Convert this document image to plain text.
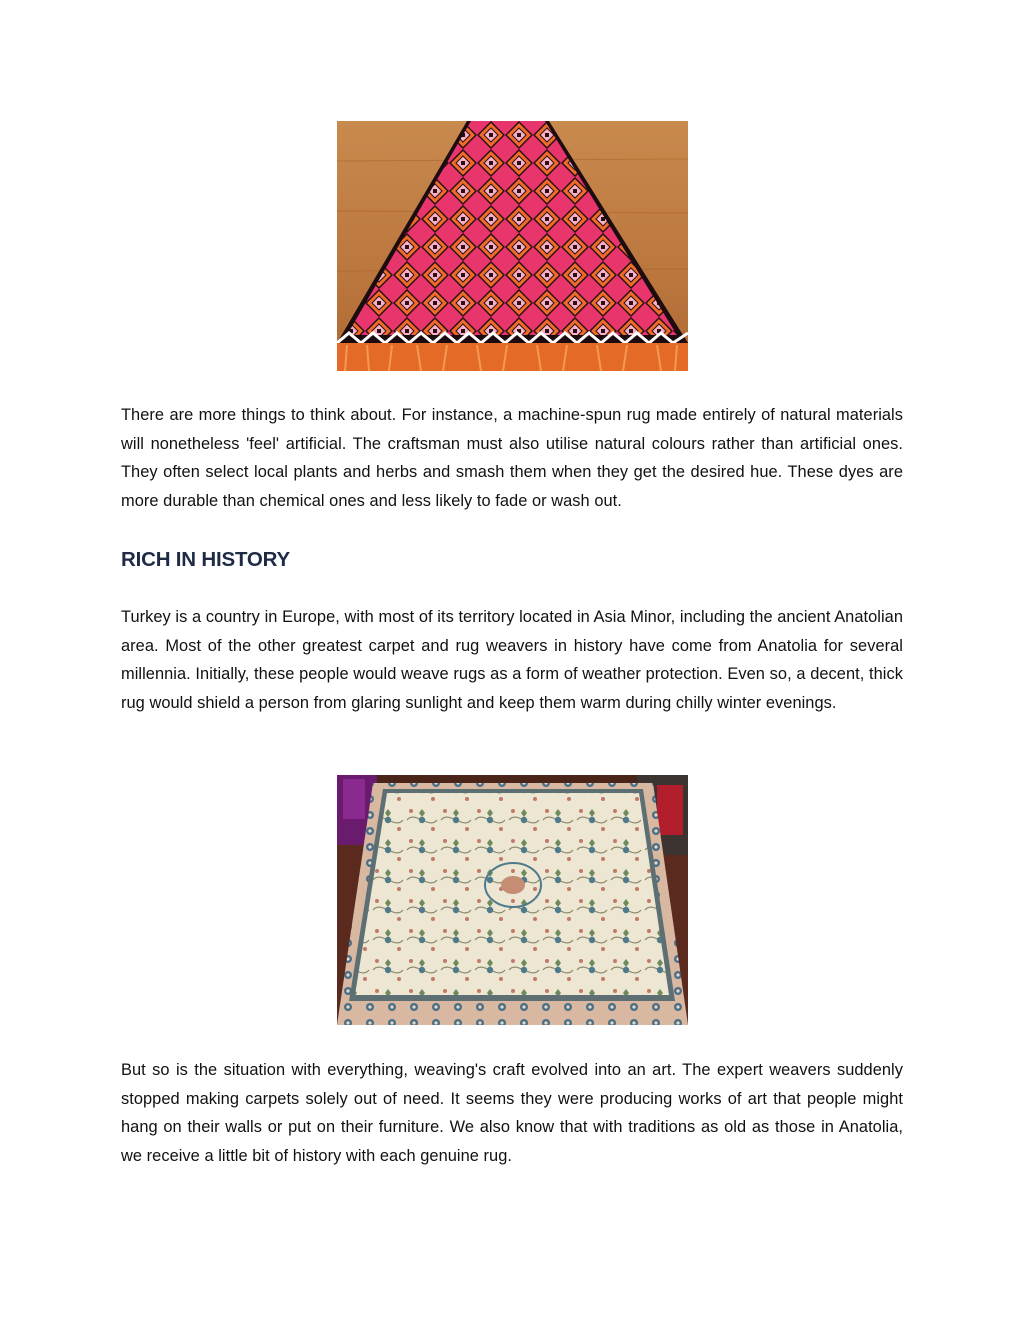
There are more things to think about. For instance, a machine-spun rug made entirely of natural materials will nonetheless 'feel' artificial. The craftsman must also utilise natural colours rather than artificial ones. They often select local plants and herbs and smash them when they get the desired hue. These dyes are more durable than chemical ones and less likely to fade or wash out.

RICH IN HISTORY

Turkey is a country in Europe, with most of its territory located in Asia Minor, including the ancient Anatolian area. Most of the other greatest carpet and rug weavers in history have come from Anatolia for several millennia. Initially, these people would weave rugs as a form of weather protection. Even so, a decent, thick rug would shield a person from glaring sunlight and keep them warm during chilly winter evenings.

But so is the situation with everything, weaving's craft evolved into an art. The expert weavers suddenly stopped making carpets solely out of need. It seems they were producing works of art that people might hang on their walls or put on their furniture. We also know that with traditions as old as those in Anatolia, we receive a little bit of history with each genuine rug.
